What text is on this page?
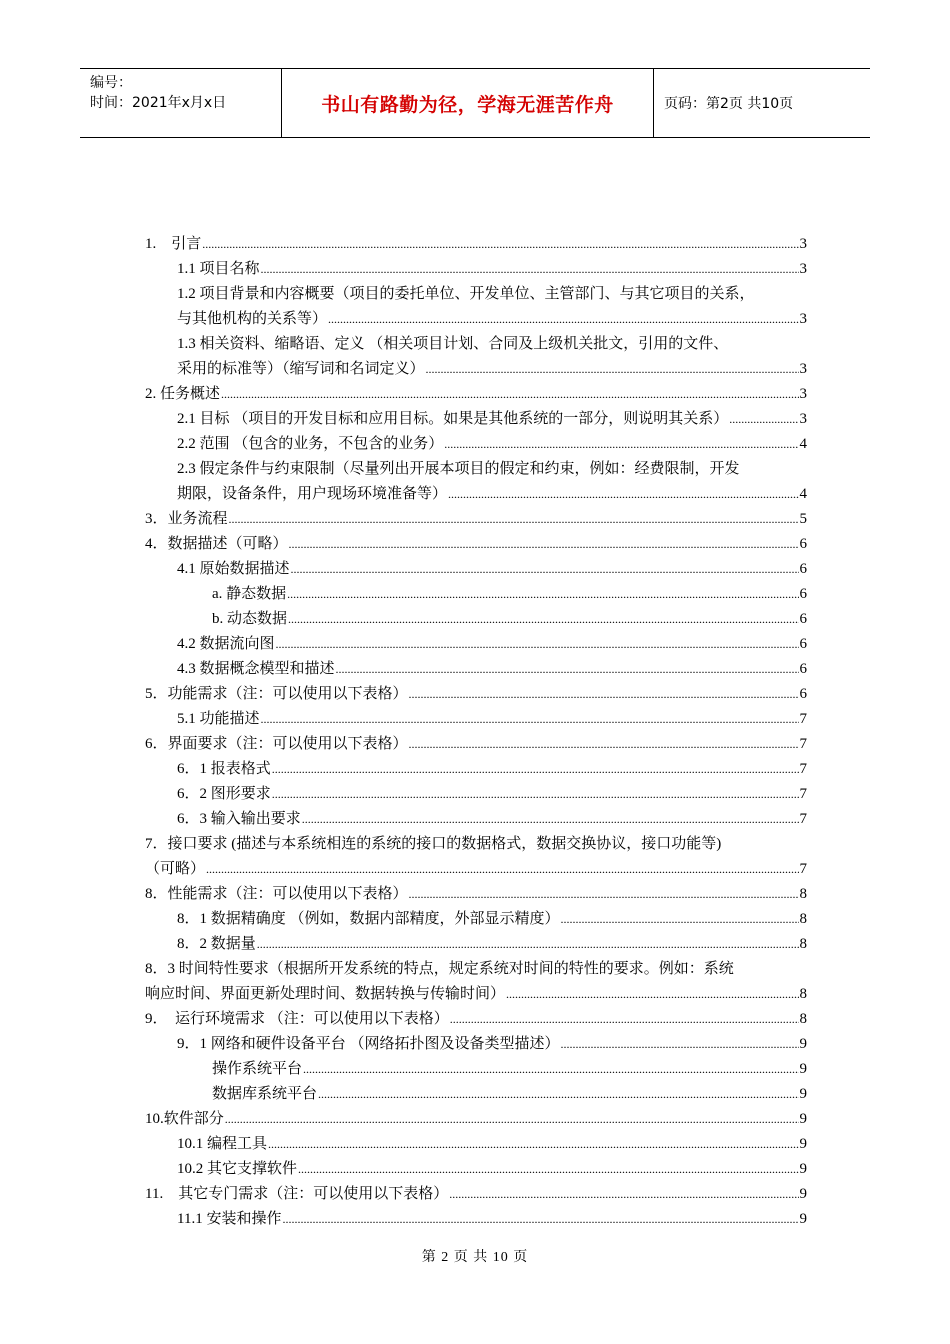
编号：
时间：2021年x月x日	书山有路勤为径，学海无涯苦作舟	页码：第2页 共10页
1.　引言 .....	3
1.1 项目名称 .....	3
1.2 项目背景和内容概要（项目的委托单位、开发单位、主管部门、与其它项目的关系，
与其他机构的关系等） .....	3
1.3 相关资料、缩略语、定义 （相关项目计划、合同及上级机关批文，引用的文件、
采用的标准等）（缩写词和名词定义） .....	3
2. 任务概述 .....	3
2.1 目标 （项目的开发目标和应用目标。如果是其他系统的一部分，则说明其关系） .....	3
2.2 范围 （包含的业务，不包含的业务） .....	4
2.3 假定条件与约束限制（尽量列出开展本项目的假定和约束，例如：经费限制，开发
期限，设备条件，用户现场环境准备等） .....	4
3．业务流程 .....	5
4．数据描述（可略） .....	6
4.1 原始数据描述 .....	6
a. 静态数据 .....	6
b. 动态数据 .....	6
4.2 数据流向图 .....	6
4.3 数据概念模型和描述 .....	6
5．功能需求（注：可以使用以下表格） .....	6
5.1 功能描述 .....	7
6．界面要求（注：可以使用以下表格） .....	7
6．1 报表格式 .....	7
6．2 图形要求 .....	7
6．3 输入输出要求 .....	7
7．接口要求 (描述与本系统相连的系统的接口的数据格式，数据交换协议，接口功能等)
（可略） .....	7
8．性能需求（注：可以使用以下表格） .....	8
8．1 数据精确度 （例如，数据内部精度，外部显示精度） .....	8
8．2 数据量 .....	8
8．3 时间特性要求（根据所开发系统的特点，规定系统对时间的特性的要求。例如：系统
响应时间、界面更新处理时间、数据转换与传输时间） .....	8
9．　运行环境需求 （注：可以使用以下表格） .....	8
9．1 网络和硬件设备平台 （网络拓扑图及设备类型描述） .....	9
操作系统平台 .....	9
数据库系统平台 .....	9
10.软件部分 .....	9
10.1 编程工具 .....	9
10.2 其它支撑软件 .....	9
11.　其它专门需求（注：可以使用以下表格） .....	9
11.1 安装和操作 .....	9
第 2 页 共 10 页
